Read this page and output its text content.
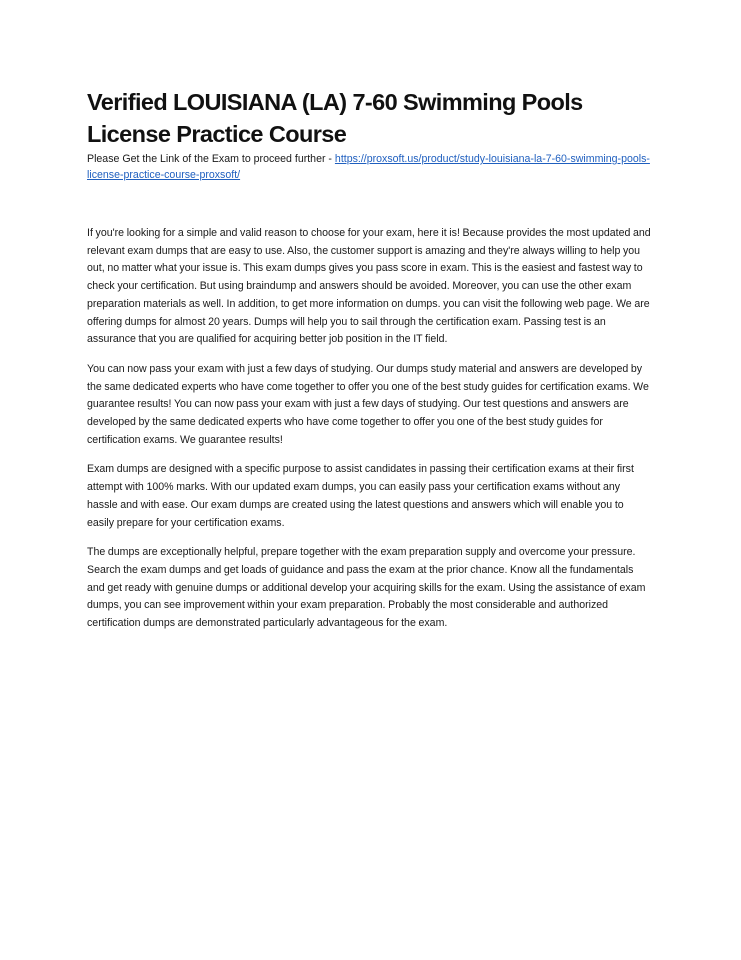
Verified LOUISIANA (LA) 7-60 Swimming Pools License Practice Course

Please Get the Link of the Exam to proceed further - https://proxsoft.us/product/study-louisiana-la-7-60-swimming-pools-license-practice-course-proxsoft/

If you're looking for a simple and valid reason to choose for your exam, here it is! Because provides the most updated and relevant exam dumps that are easy to use. Also, the customer support is amazing and they're always willing to help you out, no matter what your issue is. This exam dumps gives you pass score in exam. This is the easiest and fastest way to check your certification. But using braindump and answers should be avoided. Moreover, you can use the other exam preparation materials as well. In addition, to get more information on dumps. you can visit the following web page. We are offering dumps for almost 20 years. Dumps will help you to sail through the certification exam. Passing test is an assurance that you are qualified for acquiring better job position in the IT field.

You can now pass your exam with just a few days of studying. Our dumps study material and answers are developed by the same dedicated experts who have come together to offer you one of the best study guides for certification exams. We guarantee results! You can now pass your exam with just a few days of studying. Our test questions and answers are developed by the same dedicated experts who have come together to offer you one of the best study guides for certification exams. We guarantee results!

Exam dumps are designed with a specific purpose to assist candidates in passing their certification exams at their first attempt with 100% marks. With our updated exam dumps, you can easily pass your certification exams without any hassle and with ease. Our exam dumps are created using the latest questions and answers which will enable you to easily prepare for your certification exams.

The dumps are exceptionally helpful, prepare together with the exam preparation supply and overcome your pressure. Search the exam dumps and get loads of guidance and pass the exam at the prior chance. Know all the fundamentals and get ready with genuine dumps or additional develop your acquiring skills for the exam. Using the assistance of exam dumps, you can see improvement within your exam preparation. Probably the most considerable and authorized certification dumps are demonstrated particularly advantageous for the exam.
